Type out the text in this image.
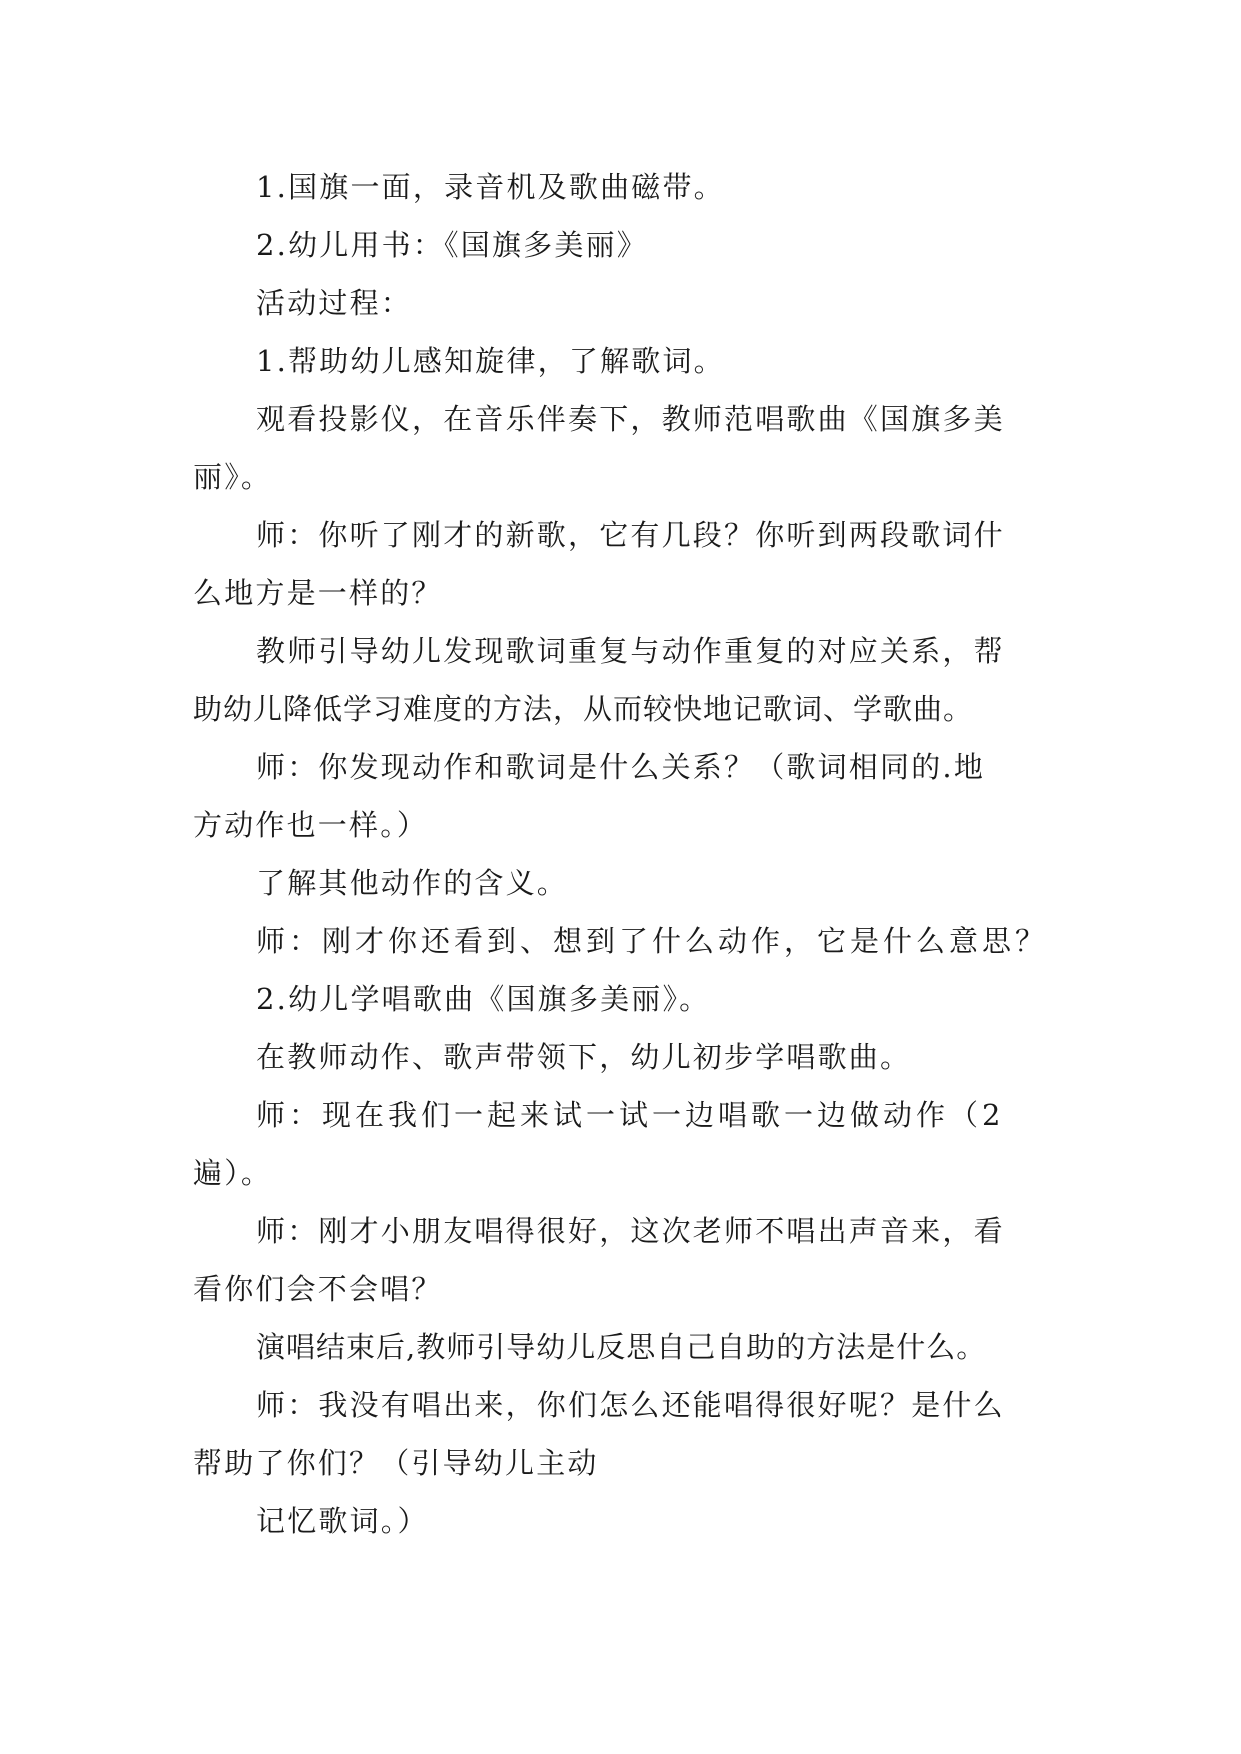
1.国旗一面，录音机及歌曲磁带。
2.幼儿用书：《国旗多美丽》
活动过程：
1.帮助幼儿感知旋律，了解歌词。
观看投影仪，在音乐伴奏下，教师范唱歌曲《国旗多美
丽》。
师：你听了刚才的新歌，它有几段？你听到两段歌词什
么地方是一样的？
教师引导幼儿发现歌词重复与动作重复的对应关系，帮
助幼儿降低学习难度的方法，从而较快地记歌词、学歌曲。
师：你发现动作和歌词是什么关系？（歌词相同的.地
方动作也一样。）
了解其他动作的含义。
师：刚才你还看到、想到了什么动作，它是什么意思？
2.幼儿学唱歌曲《国旗多美丽》。
在教师动作、歌声带领下，幼儿初步学唱歌曲。
师：现在我们一起来试一试一边唱歌一边做动作（2
遍）。
师：刚才小朋友唱得很好，这次老师不唱出声音来，看
看你们会不会唱？
演唱结束后,教师引导幼儿反思自己自助的方法是什么。
师：我没有唱出来，你们怎么还能唱得很好呢？是什么
帮助了你们？（引导幼儿主动
记忆歌词。）
